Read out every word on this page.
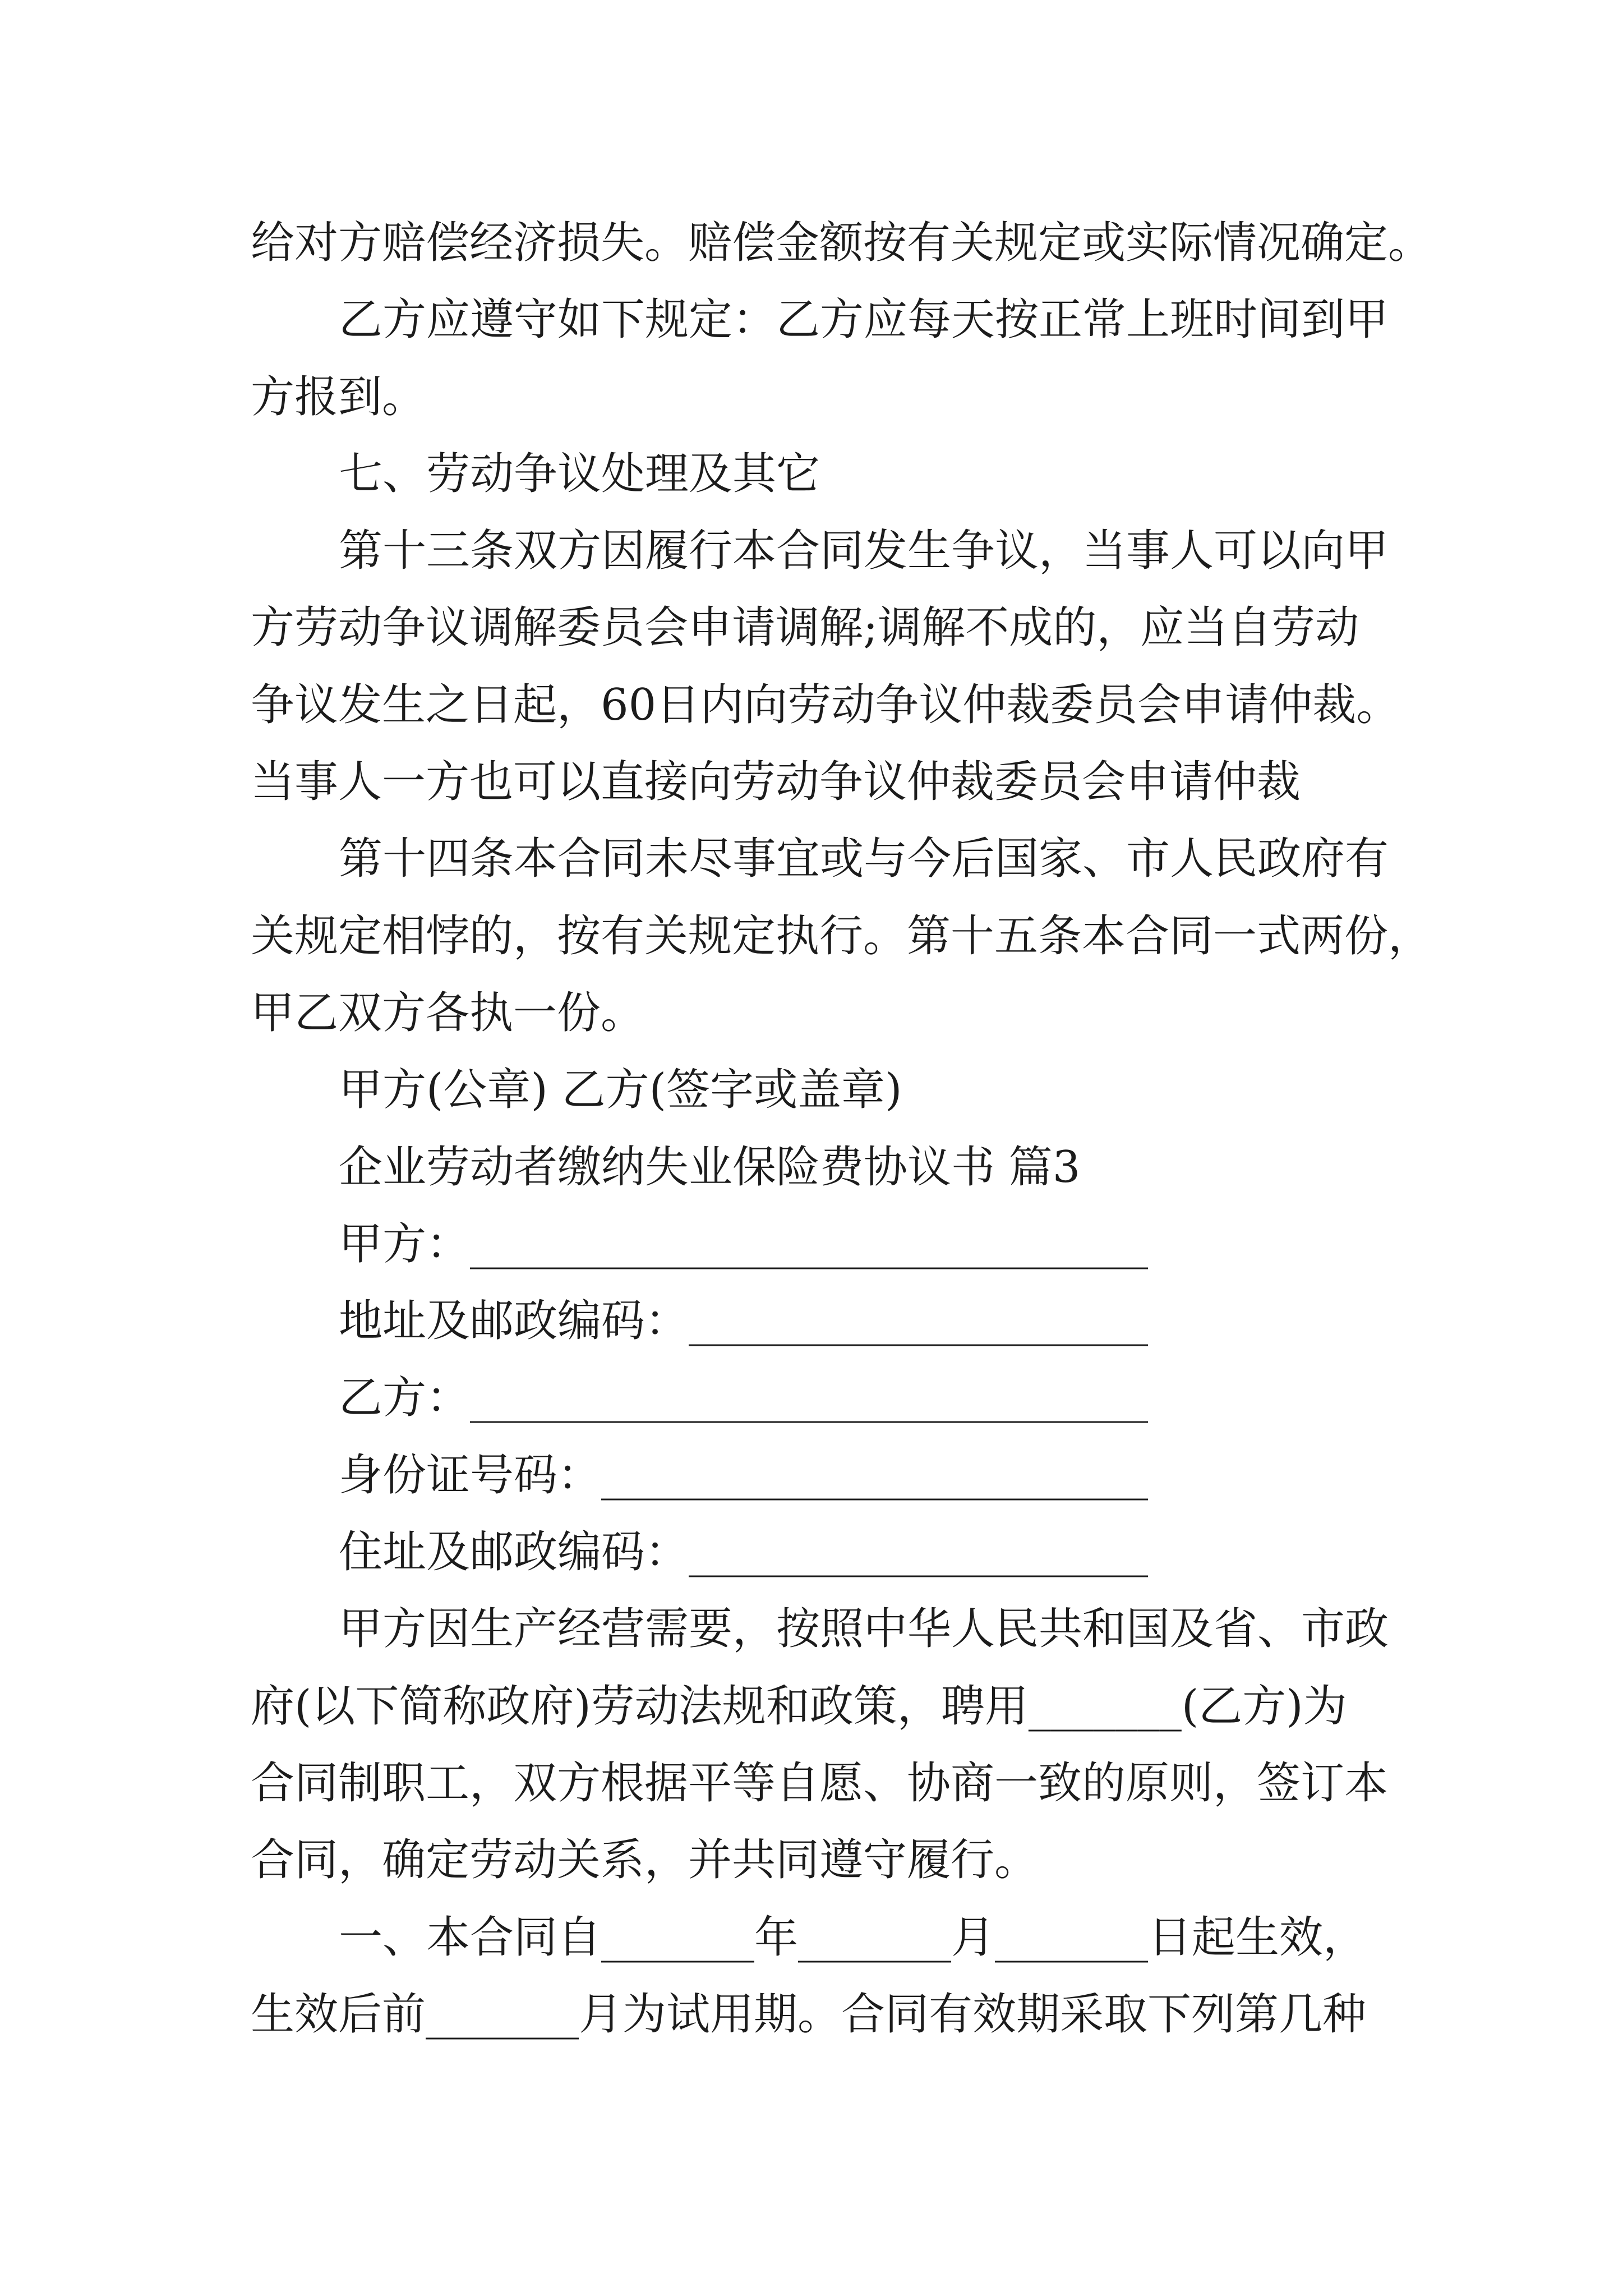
给对方赔偿经济损失。赔偿金额按有关规定或实际情况确定。
乙方应遵守如下规定：乙方应每天按正常上班时间到甲
方报到。
七、劳动争议处理及其它
第十三条双方因履行本合同发生争议，当事人可以向甲
方劳动争议调解委员会申请调解;调解不成的，应当自劳动
争议发生之日起，60日内向劳动争议仲裁委员会申请仲裁。
当事人一方也可以直接向劳动争议仲裁委员会申请仲裁
第十四条本合同未尽事宜或与今后国家、市人民政府有
关规定相悖的，按有关规定执行。第十五条本合同一式两份，
甲乙双方各执一份。
甲方(公章) 乙方(签字或盖章)
企业劳动者缴纳失业保险费协议书 篇3
甲方：_______________________________
地址及邮政编码：_____________________
乙方：_______________________________
身份证号码：_________________________
住址及邮政编码：_____________________
甲方因生产经营需要，按照中华人民共和国及省、市政
府(以下简称政府)劳动法规和政策，聘用_______(乙方)为
合同制职工，双方根据平等自愿、协商一致的原则，签订本
合同，确定劳动关系，并共同遵守履行。
一、本合同自_______年_______月_______日起生效，
生效后前_______月为试用期。合同有效期采取下列第几种
